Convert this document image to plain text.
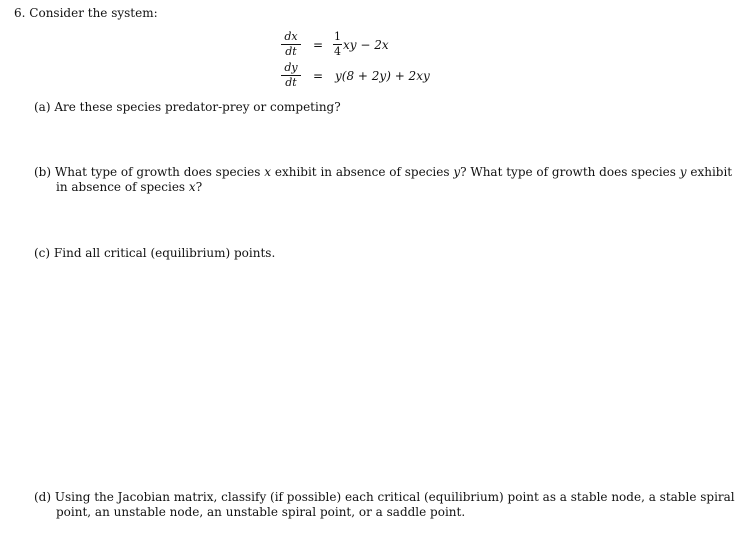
6. Consider the system:
dx
dt	=
1
4 xy − 2x
dy
dt	= y(8 + 2y) + 2xy
(a) Are these species predator-prey or competing?
(b) What type of growth does species x exhibit in absence of species y? What type of growth does species y exhibit
in absence of species x?
(c) Find all critical (equilibrium) points.
(d) Using the Jacobian matrix, classify (if possible) each critical (equilibrium) point as a stable node, a stable spiral
point, an unstable node, an unstable spiral point, or a saddle point.
